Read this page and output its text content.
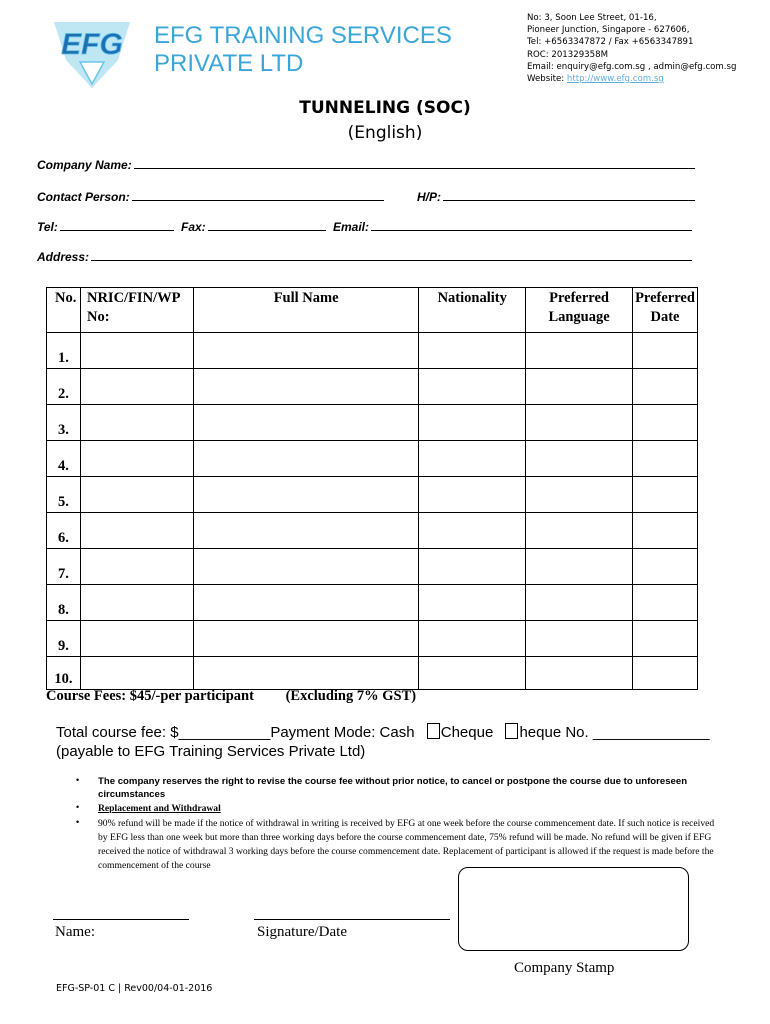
EFG EFG TRAINING SERVICES
PRIVATE LTD
No: 3, Soon Lee Street, 01-16,
Pioneer Junction, Singapore - 627606,
Tel: +6563347872 / Fax +6563347891
ROC: 201329358M
Email: enquiry@efg.com.sg , admin@efg.com.sg
Website: http://www.efg.com.sg
TUNNELING (SOC)
(English)
Company Name:
Contact Person:	H/P:
Tel:	Fax:	Email:
Address:
No.	NRIC/FIN/WP No:	Full Name	Nationality	Preferred Language	Preferred Date
1.					
2.					
3.					
4.					
5.					
6.					
7.					
8.					
9.					
10.					
Course Fees: $45/-per participant (Excluding 7% GST)
Total course fee: $___________Payment Mode: Cash Cheque heque No. ______________
(payable to EFG Training Services Private Ltd)
• The company reserves the right to revise the course fee without prior notice, to cancel or postpone the course due to unforeseen circumstances
• Replacement and Withdrawal
• 90% refund will be made if the notice of withdrawal in writing is received by EFG at one week before the course commencement date. If such notice is received by EFG less than one week but more than three working days before the course commencement date, 75% refund will be made. No refund will be given if EFG received the notice of withdrawal 3 working days before the course commencement date. Replacement of participant is allowed if the request is made before the commencement of the course
Name:	Signature/Date
Company Stamp
EFG-SP-01 C | Rev00/04-01-2016
